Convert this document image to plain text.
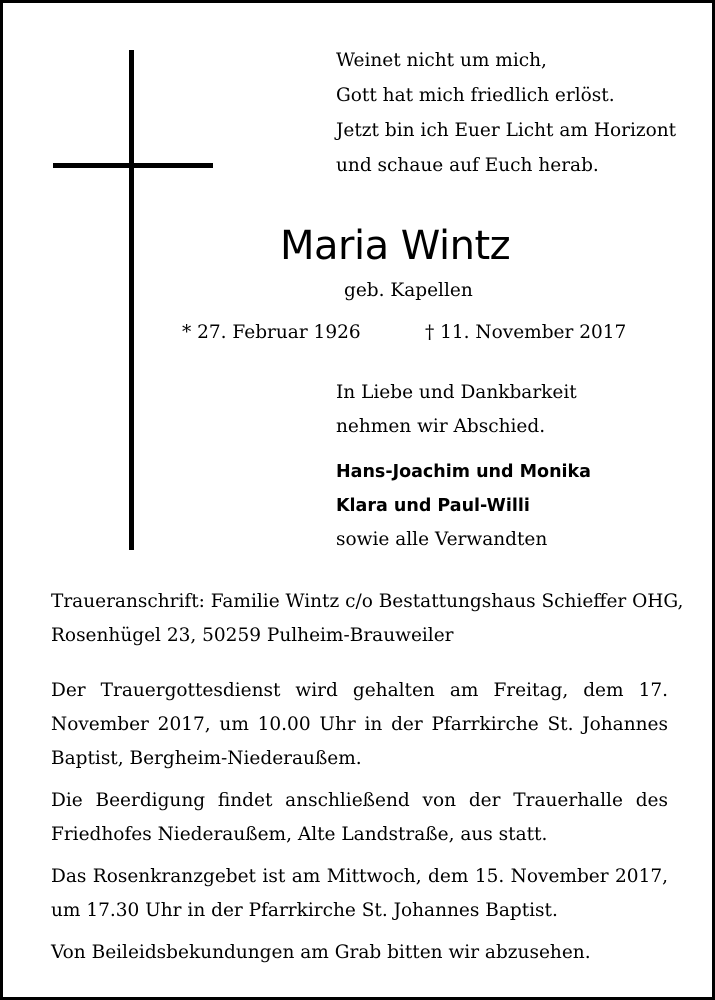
Weinet nicht um mich,
Gott hat mich friedlich erlöst.
Jetzt bin ich Euer Licht am Horizont
und schaue auf Euch herab.
Maria Wintz
geb. Kapellen
* 27. Februar 1926	† 11. November 2017
In Liebe und Dankbarkeit
nehmen wir Abschied.
Hans-Joachim und Monika
Klara und Paul-Willi
sowie alle Verwandten
Traueranschrift: Familie Wintz c/o Bestattungshaus Schieffer OHG,
Rosenhügel 23, 50259 Pulheim-Brauweiler

Der Trauergottesdienst wird gehalten am Freitag, dem 17. November 2017, um 10.00 Uhr in der Pfarrkirche St. Johannes Baptist, Bergheim-Niederaußem.

Die Beerdigung findet anschließend von der Trauerhalle des Friedhofes Niederaußem, Alte Landstraße, aus statt.

Das Rosenkranzgebet ist am Mittwoch, dem 15. November 2017, um 17.30 Uhr in der Pfarrkirche St. Johannes Baptist.

Von Beileidsbekundungen am Grab bitten wir abzusehen.
